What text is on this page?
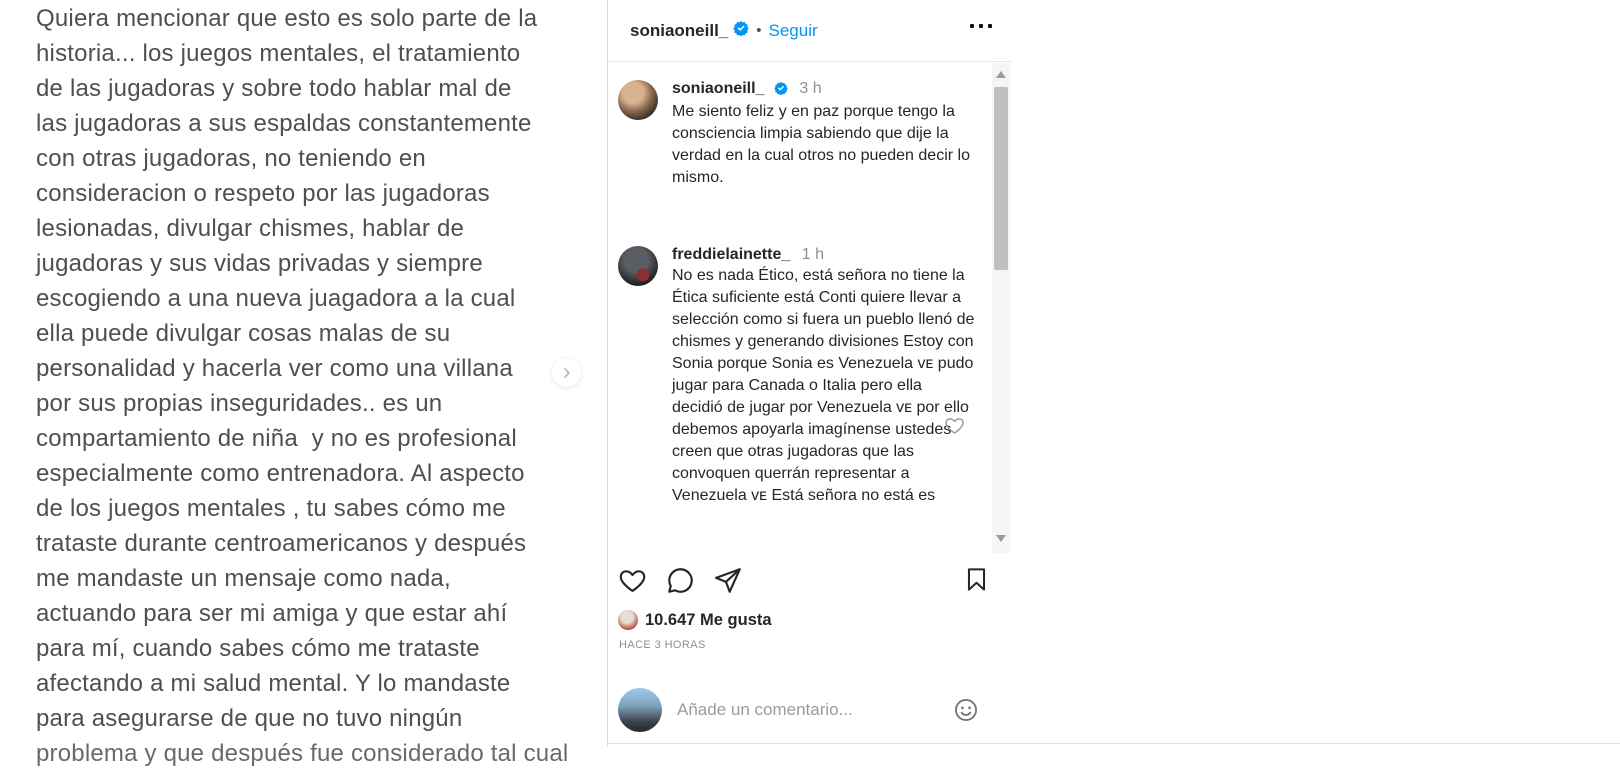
Quiera mencionar que esto es solo parte de la
historia... los juegos mentales, el tratamiento
de las jugadoras y sobre todo hablar mal de
las jugadoras a sus espaldas constantemente
con otras jugadoras, no teniendo en
consideracion o respeto por las jugadoras
lesionadas, divulgar chismes, hablar de
jugadoras y sus vidas privadas y siempre
escogiendo a una nueva juagadora a la cual
ella puede divulgar cosas malas de su
personalidad y hacerla ver como una villana
por sus propias inseguridades.. es un
compartamiento de niña  y no es profesional
especialmente como entrenadora. Al aspecto
de los juegos mentales , tu sabes cómo me
trataste durante centroamericanos y después
me mandaste un mensaje como nada,
actuando para ser mi amiga y que estar ahí
para mí, cuando sabes cómo me trataste
afectando a mi salud mental. Y lo mandaste
para asegurarse de que no tuvo ningún
problema y que después fue considerado tal cual
soniaoneill_ • Seguir
soniaoneill_ 3 h
Me siento feliz y en paz porque tengo la consciencia limpia sabiendo que dije la verdad en la cual otros no pueden decir lo mismo.
freddielainette_ 1 h
No es nada Ético, está señora no tiene la Ética suficiente está Conti quiere llevar a selección como si fuera un pueblo llenó de chismes y generando divisiones Estoy con Sonia porque Sonia es Venezuela ᴠᴇ pudo jugar para Canada o Italia pero ella decidió de jugar por Venezuela ᴠᴇ por ello debemos apoyarla imagínense ustedes creen que otras jugadoras que las convoquen querrán representar a Venezuela ᴠᴇ Está señora no está es
10.647 Me gusta
HACE 3 HORAS
Añade un comentario...
